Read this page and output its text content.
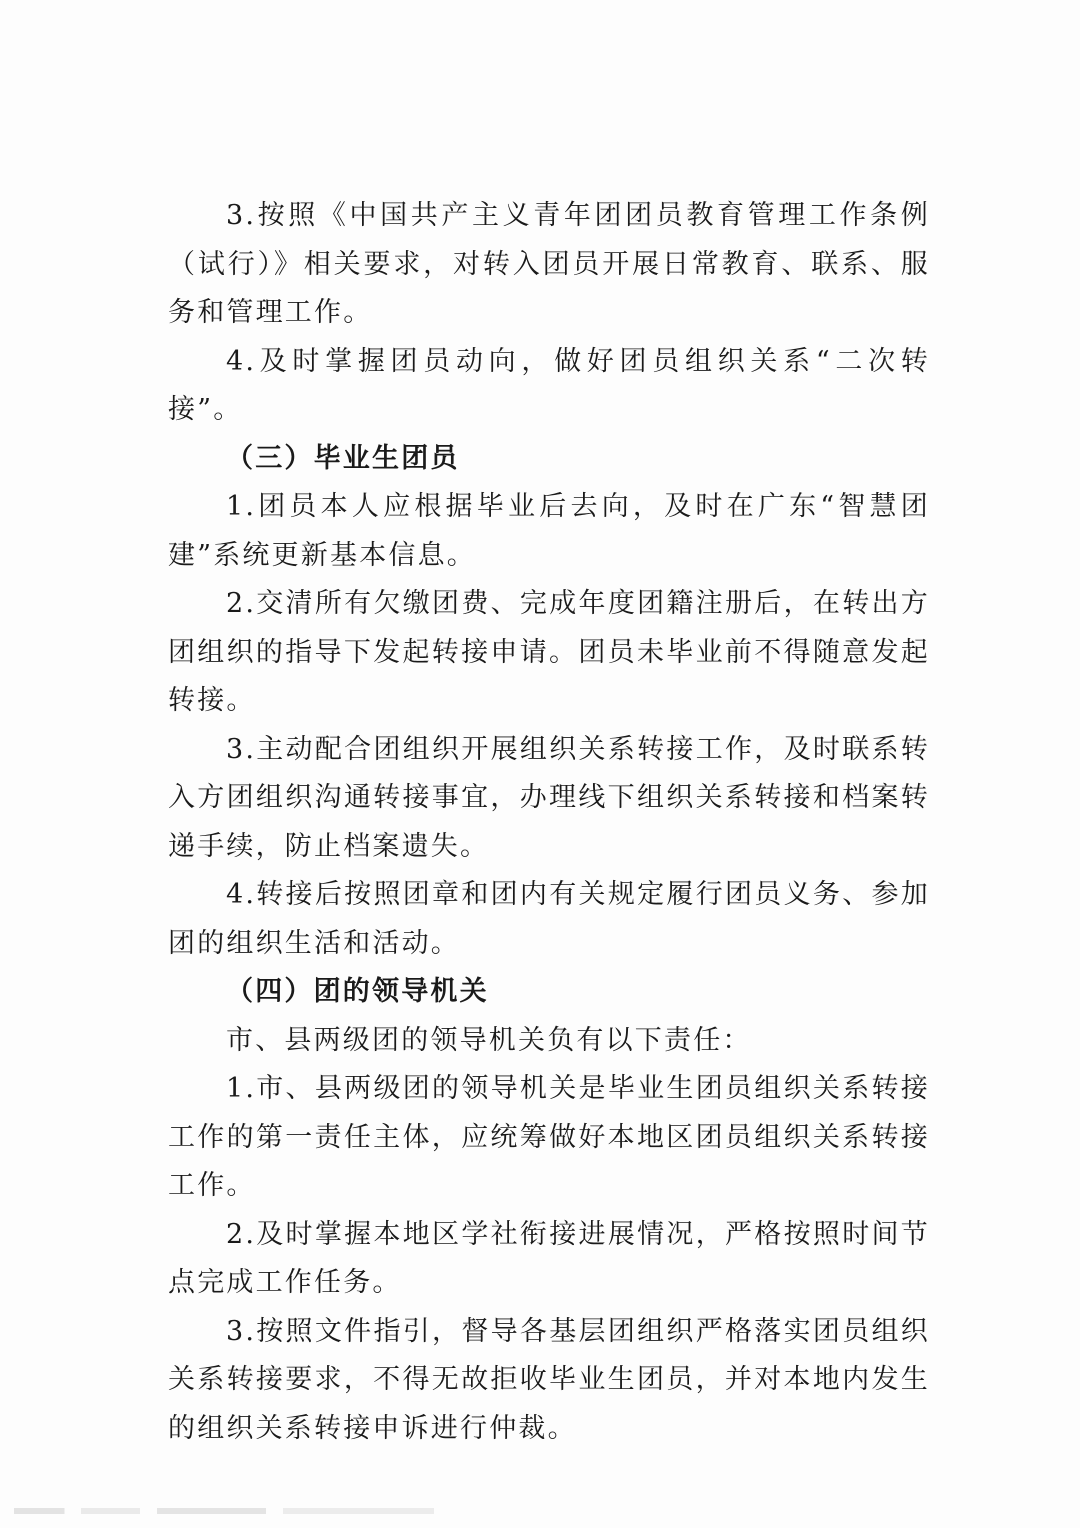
3.按照《中国共产主义青年团团员教育管理工作条例（试行）》相关要求，对转入团员开展日常教育、联系、服务和管理工作。

4.及时掌握团员动向，做好团员组织关系“二次转接”。

（三）毕业生团员

1.团员本人应根据毕业后去向，及时在广东“智慧团建”系统更新基本信息。

2.交清所有欠缴团费、完成年度团籍注册后，在转出方团组织的指导下发起转接申请。团员未毕业前不得随意发起转接。

3.主动配合团组织开展组织关系转接工作，及时联系转入方团组织沟通转接事宜，办理线下组织关系转接和档案转递手续，防止档案遗失。

4.转接后按照团章和团内有关规定履行团员义务、参加团的组织生活和活动。

（四）团的领导机关

市、县两级团的领导机关负有以下责任：

1.市、县两级团的领导机关是毕业生团员组织关系转接工作的第一责任主体，应统筹做好本地区团员组织关系转接工作。

2.及时掌握本地区学社衔接进展情况，严格按照时间节点完成工作任务。

3.按照文件指引，督导各基层团组织严格落实团员组织关系转接要求，不得无故拒收毕业生团员，并对本地内发生的组织关系转接申诉进行仲裁。
